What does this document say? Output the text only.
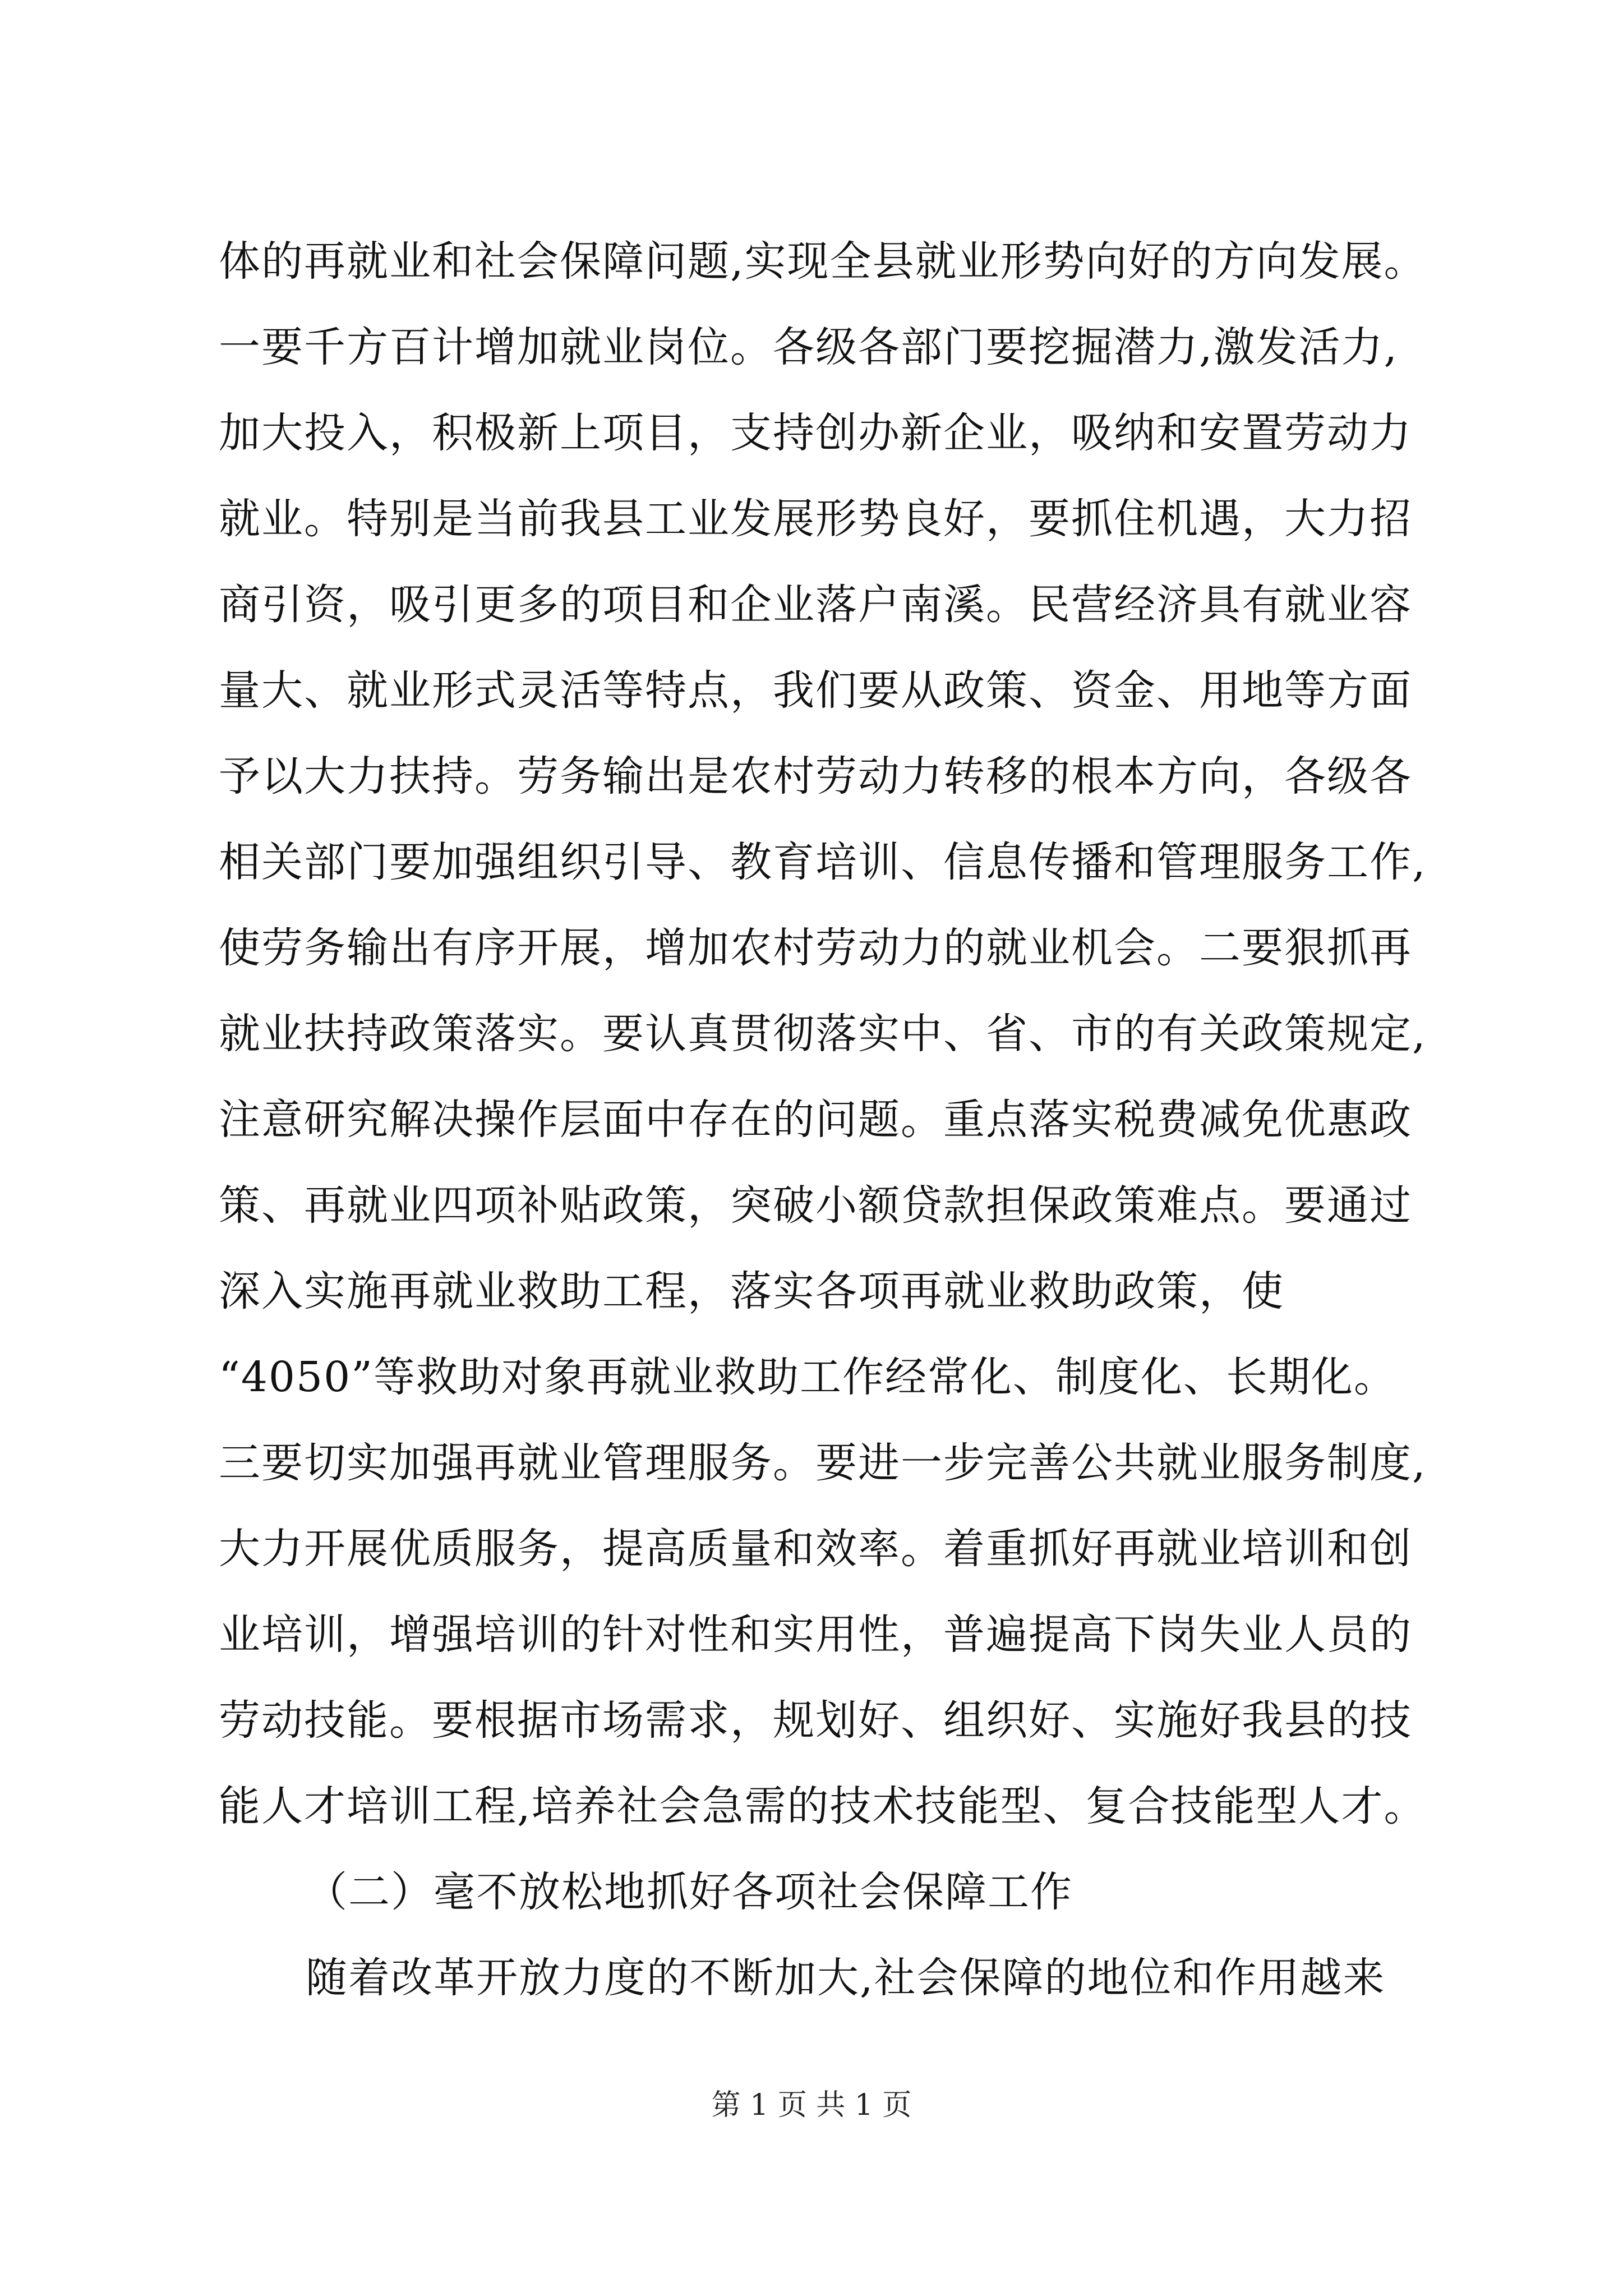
体的再就业和社会保障问题,实现全县就业形势向好的方向发展。
一要千方百计增加就业岗位。各级各部门要挖掘潜力,激发活力,
加大投入，积极新上项目，支持创办新企业，吸纳和安置劳动力
就业。特别是当前我县工业发展形势良好，要抓住机遇，大力招
商引资，吸引更多的项目和企业落户南溪。民营经济具有就业容
量大、就业形式灵活等特点，我们要从政策、资金、用地等方面
予以大力扶持。劳务输出是农村劳动力转移的根本方向，各级各
相关部门要加强组织引导、教育培训、信息传播和管理服务工作,
使劳务输出有序开展，增加农村劳动力的就业机会。二要狠抓再
就业扶持政策落实。要认真贯彻落实中、省、市的有关政策规定,
注意研究解决操作层面中存在的问题。重点落实税费减免优惠政
策、再就业四项补贴政策，突破小额贷款担保政策难点。要通过
深入实施再就业救助工程，落实各项再就业救助政策，使
“4050”等救助对象再就业救助工作经常化、制度化、长期化。
三要切实加强再就业管理服务。要进一步完善公共就业服务制度,
大力开展优质服务，提高质量和效率。着重抓好再就业培训和创
业培训，增强培训的针对性和实用性，普遍提高下岗失业人员的
劳动技能。要根据市场需求，规划好、组织好、实施好我县的技
能人才培训工程,培养社会急需的技术技能型、复合技能型人才。
（二）毫不放松地抓好各项社会保障工作
随着改革开放力度的不断加大,社会保障的地位和作用越来
第 1 页 共 1 页
